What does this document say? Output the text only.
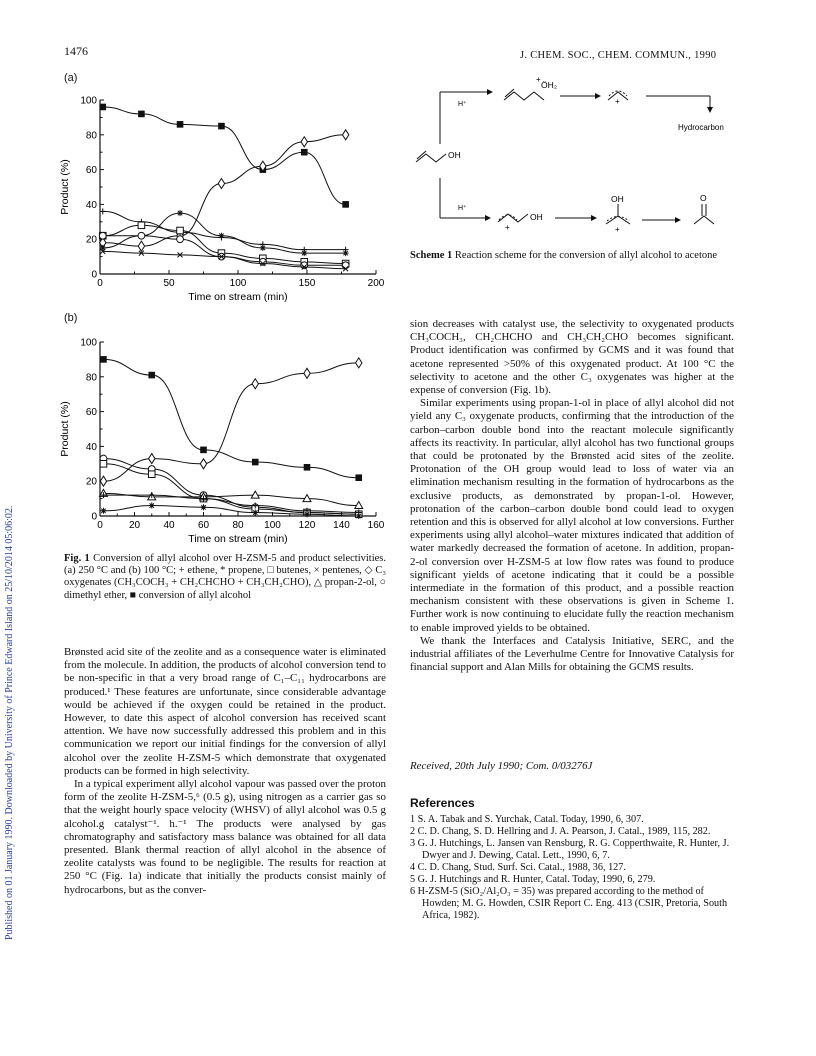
Published on 01 January 1990. Downloaded by University of Prince Edward Island on 25/10/2014 05:06:02.
1476	J. CHEM. SOC., CHEM. COMMUN., 1990
(a)
0	50	100	150	200
0
20
40
60
80
100
Time on stream (min)
Product (%)
(b)
0	20 40 60 80 100 120 140 160
0
20
40
60
80
100
Time on stream (min)
Product (%)
Fig. 1 Conversion of allyl alcohol over H-ZSM-5 and product selectivities. (a) 250 °C and (b) 100 °C; + ethene, * propene, □ butenes, × pentenes, ◇ C₃ oxygenates (CH₃COCH₃ + CH₂CHCHO + CH₃CH₂CHO), △ propan-2-ol, ○ dimethyl ether, ■ conversion of allyl alcohol
H⁺
ÖH₂
+
+
Hydrocarbon
OH
H⁺
OH
+
OH
+
O
Scheme 1 Reaction scheme for the conversion of allyl alcohol to acetone

Brønsted acid site of the zeolite and as a consequence water is eliminated from the molecule. In addition, the products of alcohol conversion tend to be non-specific in that a very broad range of C₁–C₁₁ hydrocarbons are produced.¹ These features are unfortunate, since considerable advantage would be achieved if the oxygen could be retained in the product. However, to date this aspect of alcohol conversion has received scant attention. We have now successfully addressed this problem and in this communication we report our initial findings for the conversion of allyl alcohol over the zeolite H-ZSM-5 which demonstrate that oxygenated products can be formed in high selectivity.

In a typical experiment allyl alcohol vapour was passed over the proton form of the zeolite H-ZSM-5,⁶ (0.5 g), using nitrogen as a carrier gas so that the weight hourly space velocity (WHSV) of allyl alcohol was 0.5 g alcohol.g catalyst⁻¹. h.⁻¹ The products were analysed by gas chromatography and satisfactory mass balance was obtained for all data presented. Blank thermal reaction of allyl alcohol in the absence of zeolite catalysts was found to be negligible. The results for reaction at 250 °C (Fig. 1a) indicate that initially the products consist mainly of hydrocarbons, but as the conver-

sion decreases with catalyst use, the selectivity to oxygenated products CH₃COCH₃, CH₂CHCHO and CH₃CH₂CHO becomes significant. Product identification was confirmed by GCMS and it was found that acetone represented >50% of this oxygenated product. At 100 °C the selectivity to acetone and the other C₃ oxygenates was higher at the expense of conversion (Fig. 1b).

Similar experiments using propan-1-ol in place of allyl alcohol did not yield any C₃ oxygenate products, confirming that the introduction of the carbon–carbon double bond into the reactant molecule significantly affects its reactivity. In particular, allyl alcohol has two functional groups that could be protonated by the Brønsted acid sites of the zeolite. Protonation of the OH group would lead to loss of water via an elimination mechanism resulting in the formation of hydrocarbons as the exclusive products, as demonstrated by propan-1-ol. However, protonation of the carbon–carbon double bond could lead to oxygen retention and this is observed for allyl alcohol at low conversions. Further experiments using allyl alcohol–water mixtures indicated that addition of water markedly decreased the formation of acetone. In addition, propan-2-ol conversion over H-ZSM-5 at low flow rates was found to produce significant yields of acetone indicating that it could be a possible intermediate in the formation of this product, and a possible reaction mechanism consistent with these observations is given in Scheme 1. Further work is now continuing to elucidate fully the reaction mechanism to enable improved yields to be obtained.

We thank the Interfaces and Catalysis Initiative, SERC, and the industrial affiliates of the Leverhulme Centre for Innovative Catalysis for financial support and Alan Mills for obtaining the GCMS results.

Received, 20th July 1990; Com. 0/03276J
References
1 S. A. Tabak and S. Yurchak, Catal. Today, 1990, 6, 307.
2 C. D. Chang, S. D. Hellring and J. A. Pearson, J. Catal., 1989, 115, 282.
3 G. J. Hutchings, L. Jansen van Rensburg, R. G. Copperthwaite, R. Hunter, J. Dwyer and J. Dewing, Catal. Lett., 1990, 6, 7.
4 C. D. Chang, Stud. Surf. Sci. Catal., 1988, 36, 127.
5 G. J. Hutchings and R. Hunter, Catal. Today, 1990, 6, 279.
6 H-ZSM-5 (SiO₂/Al₂O₃ = 35) was prepared according to the method of Howden; M. G. Howden, CSIR Report C. Eng. 413 (CSIR, Pretoria, South Africa, 1982).
